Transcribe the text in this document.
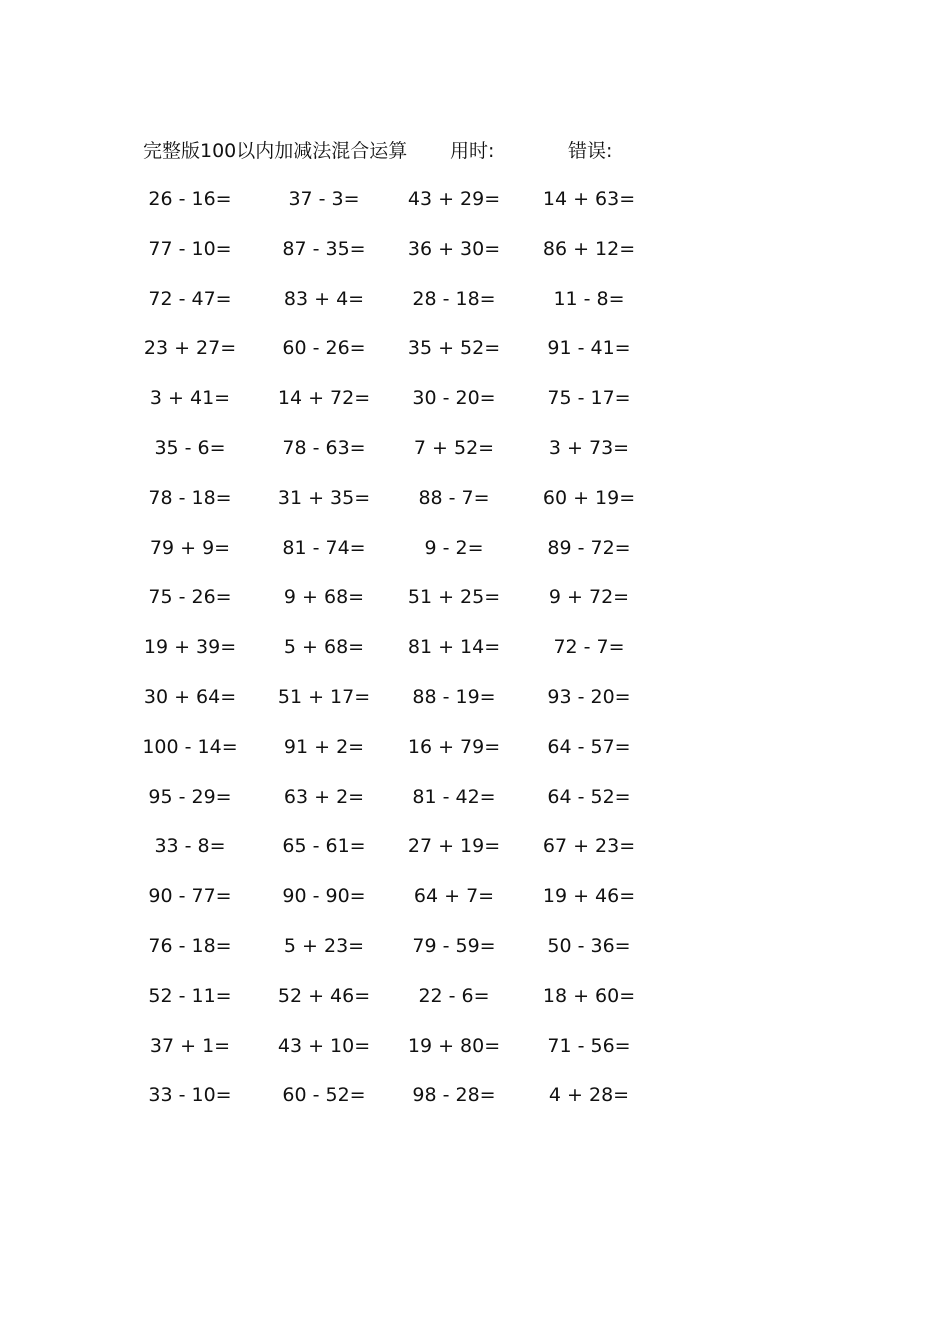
完整版100以内加减法混合运算 用时:	错误:
26 - 16=	37 - 3=	43 + 29=	14 + 63=
77 - 10=	87 - 35=	36 + 30=	86 + 12=
72 - 47=	83 + 4=	28 - 18=	11 - 8=
23 + 27=	60 - 26=	35 + 52=	91 - 41=
3 + 41=	14 + 72=	30 - 20=	75 - 17=
35 - 6=	78 - 63=	7 + 52=	3 + 73=
78 - 18=	31 + 35=	88 - 7=	60 + 19=
79 + 9=	81 - 74=	9 - 2=	89 - 72=
75 - 26=	9 + 68=	51 + 25=	9 + 72=
19 + 39=	5 + 68=	81 + 14=	72 - 7=
30 + 64=	51 + 17=	88 - 19=	93 - 20=
100 - 14=	91 + 2=	16 + 79=	64 - 57=
95 - 29=	63 + 2=	81 - 42=	64 - 52=
33 - 8=	65 - 61=	27 + 19=	67 + 23=
90 - 77=	90 - 90=	64 + 7=	19 + 46=
76 - 18=	5 + 23=	79 - 59=	50 - 36=
52 - 11=	52 + 46=	22 - 6=	18 + 60=
37 + 1=	43 + 10=	19 + 80=	71 - 56=
33 - 10=	60 - 52=	98 - 28=	4 + 28=
